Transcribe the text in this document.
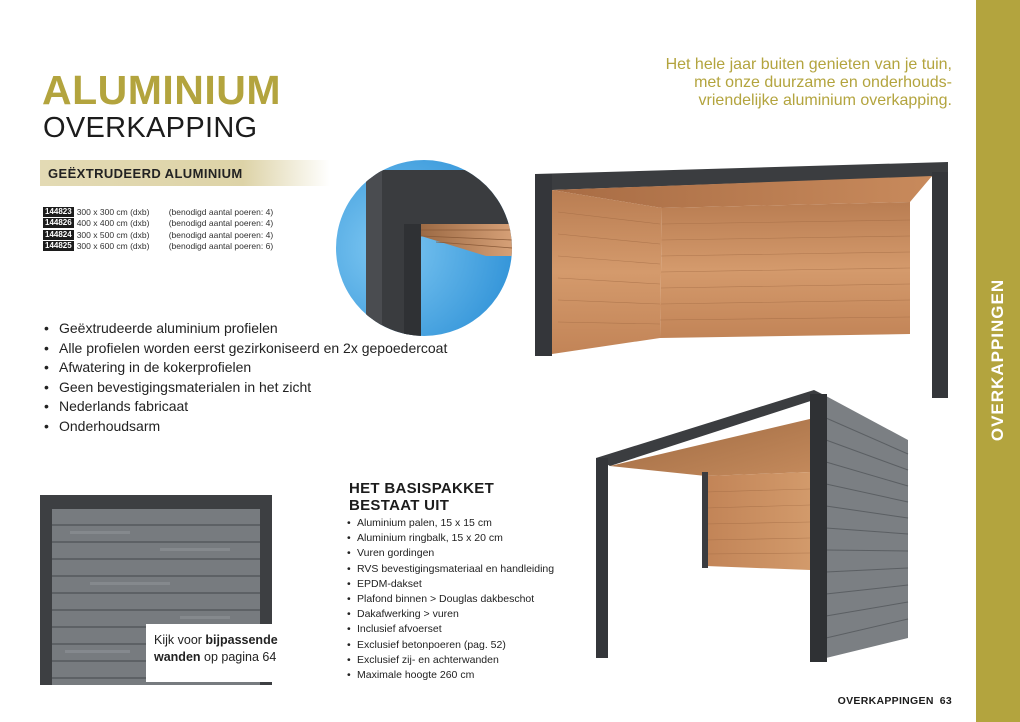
ALUMINIUM
OVERKAPPING
Het hele jaar buiten genieten van je tuin,
met onze duurzame en onderhouds-
vriendelijke aluminium overkapping.
GEËXTRUDEERD ALUMINIUM
144823 300 x 300 cm (dxb)	(benodigd aantal poeren: 4)
144826 400 x 400 cm (dxb)	(benodigd aantal poeren: 4)
144824 300 x 500 cm (dxb)	(benodigd aantal poeren: 4)
144825 300 x 600 cm (dxb)	(benodigd aantal poeren: 6)
• Geëxtrudeerde aluminium profielen
• Alle profielen worden eerst gezirkoniseerd en 2x gepoedercoat
• Afwatering in de kokerprofielen
• Geen bevestigingsmaterialen in het zicht
• Nederlands fabricaat
• Onderhoudsarm
Kijk voor bijpassende
wanden op pagina 64
HET BASISPAKKET
BESTAAT UIT
• Aluminium palen, 15 x 15 cm
• Aluminium ringbalk, 15 x 20 cm
• Vuren gordingen
• RVS bevestigingsmateriaal en handleiding
• EPDM-dakset
• Plafond binnen > Douglas dakbeschot
• Dakafwerking > vuren
• Inclusief afvoerset
• Exclusief betonpoeren (pag. 52)
• Exclusief zij- en achterwanden
• Maximale hoogte 260 cm
OVERKAPPINGEN
OVERKAPPINGEN 63
